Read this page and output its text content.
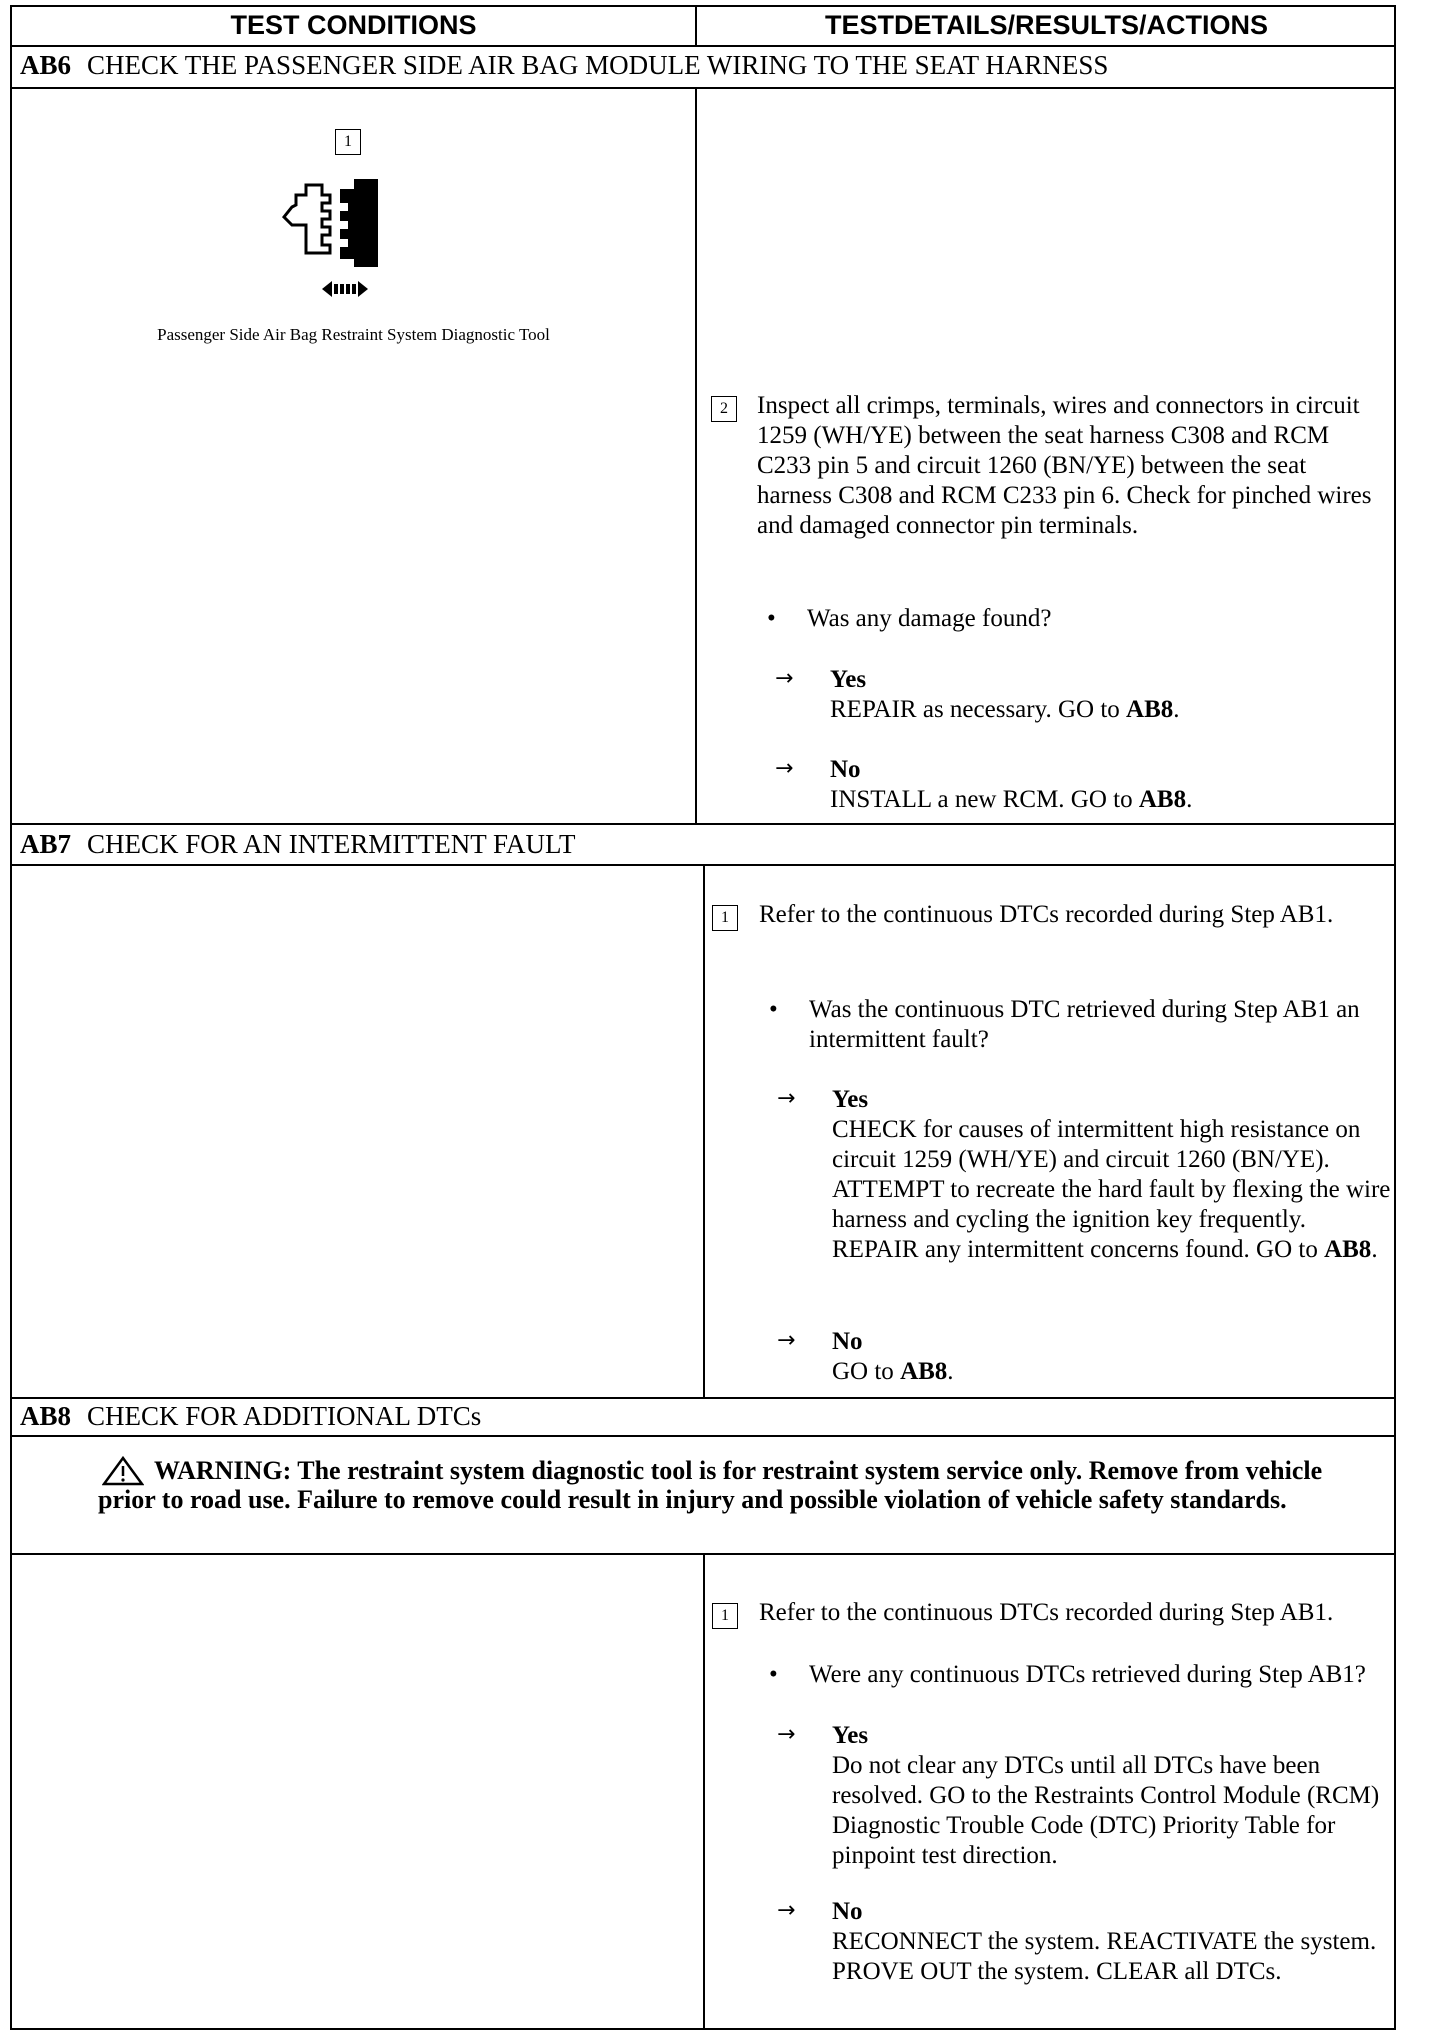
TEST CONDITIONS	TESTDETAILS/RESULTS/ACTIONS
AB6 CHECK THE PASSENGER SIDE AIR BAG MODULE WIRING TO THE SEAT HARNESS
1
Passenger Side Air Bag Restraint System Diagnostic Tool
2	Inspect all crimps, terminals, wires and connectors in circuit 1259 (WH/YE) between the seat harness C308 and RCM C233 pin 5 and circuit 1260 (BN/YE) between the seat harness C308 and RCM C233 pin 6. Check for pinched wires and damaged connector pin terminals.
• Was any damage found?
→ Yes
REPAIR as necessary. GO to AB8.
→ No
INSTALL a new RCM. GO to AB8.
AB7 CHECK FOR AN INTERMITTENT FAULT
1	Refer to the continuous DTCs recorded during Step AB1.
• Was the continuous DTC retrieved during Step AB1 an intermittent fault?
→ Yes
CHECK for causes of intermittent high resistance on circuit 1259 (WH/YE) and circuit 1260 (BN/YE). ATTEMPT to recreate the hard fault by flexing the wire harness and cycling the ignition key frequently. REPAIR any intermittent concerns found. GO to AB8.
→ No
GO to AB8.
AB8 CHECK FOR ADDITIONAL DTCs
WARNING: The restraint system diagnostic tool is for restraint system service only. Remove from vehicle prior to road use. Failure to remove could result in injury and possible violation of vehicle safety standards.
1	Refer to the continuous DTCs recorded during Step AB1.
• Were any continuous DTCs retrieved during Step AB1?
→ Yes
Do not clear any DTCs until all DTCs have been resolved. GO to the Restraints Control Module (RCM) Diagnostic Trouble Code (DTC) Priority Table for pinpoint test direction.
→ No
RECONNECT the system. REACTIVATE the system. PROVE OUT the system. CLEAR all DTCs.
